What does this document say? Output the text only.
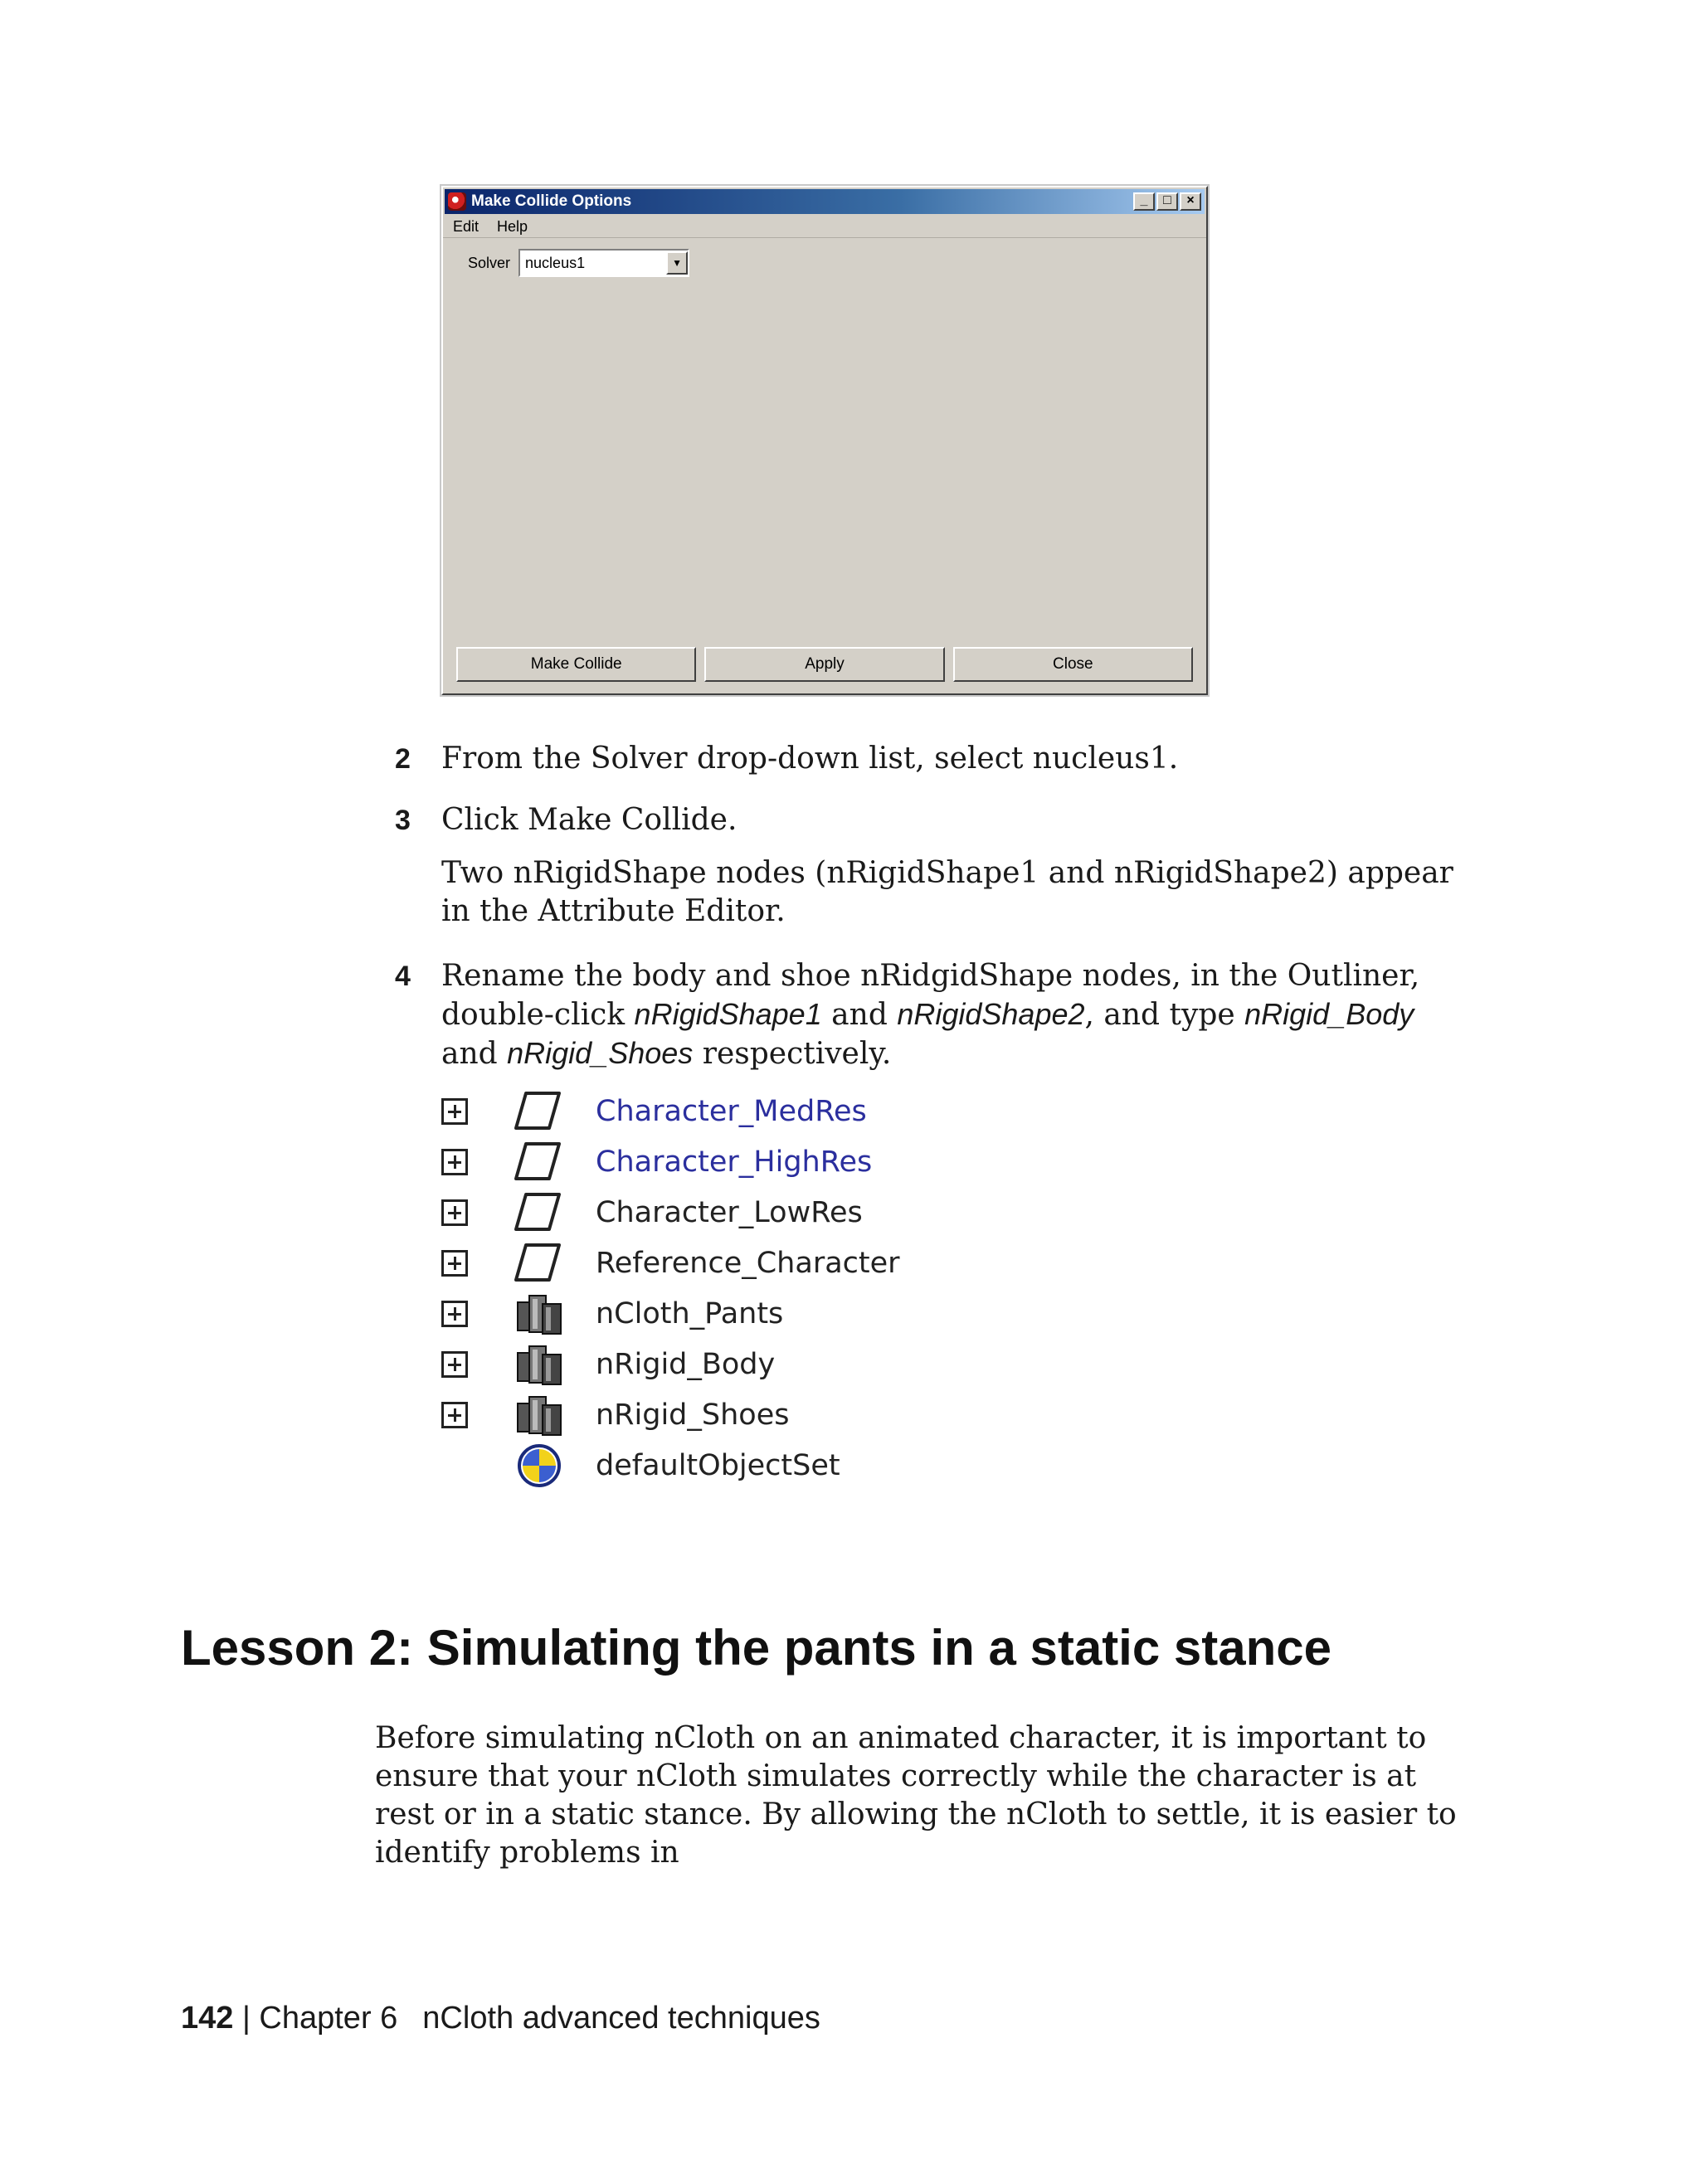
Make Collide Options	_	□	×
Edit Help
Solver	nucleus1	▼
Make Collide	Apply	Close
2 From the Solver drop-down list, select nucleus1.
3 Click Make Collide.
Two nRigidShape nodes (nRigidShape1 and nRigidShape2) appear in the Attribute Editor.
4 Rename the body and shoe nRidgidShape nodes, in the Outliner, double-click nRigidShape1 and nRigidShape2, and type nRigid_Body and nRigid_Shoes respectively.
Character_MedRes
Character_HighRes
Character_LowRes
Reference_Character
nCloth_Pants
nRigid_Body
nRigid_Shoes
defaultObjectSet
Lesson 2: Simulating the pants in a static stance
Before simulating nCloth on an animated character, it is important to ensure that your nCloth simulates correctly while the character is at rest or in a static stance. By allowing the nCloth to settle, it is easier to identify problems in
142 | Chapter 6 nCloth advanced techniques
